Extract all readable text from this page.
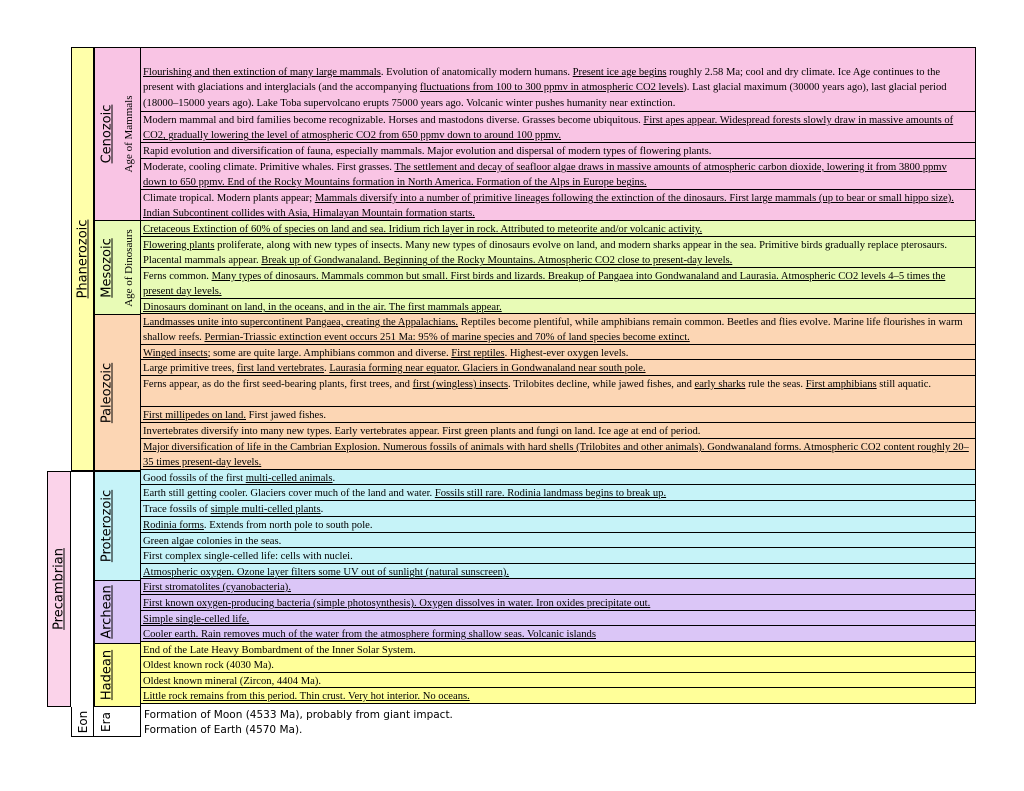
Phanerozoic
Precambrian
Cenozoic Age of Mammals
Mesozoic Age of Dinosaurs
Paleozoic
Proterozoic
Archean
Hadean
Flourishing and then extinction of many large mammals. Evolution of anatomically modern humans. Present ice age begins roughly 2.58 Ma; cool and dry climate. Ice Age continues to the present with glaciations and interglacials (and the accompanying fluctuations from 100 to 300 ppmv in atmospheric CO2 levels). Last glacial maximum (30000 years ago), last glacial period (18000–15000 years ago). Lake Toba supervolcano erupts 75000 years ago. Volcanic winter pushes humanity near extinction.
Modern mammal and bird families become recognizable. Horses and mastodons diverse. Grasses become ubiquitous. First apes appear. Widespread forests slowly draw in massive amounts of CO2, gradually lowering the level of atmospheric CO2 from 650 ppmv down to around 100 ppmv.
Rapid evolution and diversification of fauna, especially mammals. Major evolution and dispersal of modern types of flowering plants.
Moderate, cooling climate. Primitive whales. First grasses. The settlement and decay of seafloor algae draws in massive amounts of atmospheric carbon dioxide, lowering it from 3800 ppmv down to 650 ppmv. End of the Rocky Mountains formation in North America. Formation of the Alps in Europe begins.
Climate tropical. Modern plants appear; Mammals diversify into a number of primitive lineages following the extinction of the dinosaurs. First large mammals (up to bear or small hippo size). Indian Subcontinent collides with Asia, Himalayan Mountain formation starts.
Cretaceous Extinction of 60% of species on land and sea. Iridium rich layer in rock. Attributed to meteorite and/or volcanic activity.
Flowering plants proliferate, along with new types of insects. Many new types of dinosaurs evolve on land, and modern sharks appear in the sea. Primitive birds gradually replace pterosaurs. Placental mammals appear. Break up of Gondwanaland. Beginning of the Rocky Mountains. Atmospheric CO2 close to present-day levels.
Ferns common. Many types of dinosaurs. Mammals common but small. First birds and lizards. Breakup of Pangaea into Gondwanaland and Laurasia. Atmospheric CO2 levels 4–5 times the present day levels.
Dinosaurs dominant on land, in the oceans, and in the air. The first mammals appear.
Landmasses unite into supercontinent Pangaea, creating the Appalachians. Reptiles become plentiful, while amphibians remain common. Beetles and flies evolve. Marine life flourishes in warm shallow reefs. Permian-Triassic extinction event occurs 251 Ma: 95% of marine species and 70% of land species become extinct.
Winged insects; some are quite large. Amphibians common and diverse. First reptiles. Highest-ever oxygen levels.
Large primitive trees, first land vertebrates. Laurasia forming near equator. Glaciers in Gondwanaland near south pole.
Ferns appear, as do the first seed-bearing plants, first trees, and first (wingless) insects. Trilobites decline, while jawed fishes, and early sharks rule the seas. First amphibians still aquatic.
First millipedes on land. First jawed fishes.
Invertebrates diversify into many new types. Early vertebrates appear. First green plants and fungi on land. Ice age at end of period.
Major diversification of life in the Cambrian Explosion. Numerous fossils of animals with hard shells (Trilobites and other animals). Gondwanaland forms. Atmospheric CO2 content roughly 20–35 times present-day levels.
Good fossils of the first multi-celled animals.
Earth still getting cooler. Glaciers cover much of the land and water. Fossils still rare. Rodinia landmass begins to break up.
Trace fossils of simple multi-celled plants.
Rodinia forms. Extends from north pole to south pole.
Green algae colonies in the seas.
First complex single-celled life: cells with nuclei.
Atmospheric oxygen. Ozone layer filters some UV out of sunlight (natural sunscreen).
First stromatolites (cyanobacteria).
First known oxygen-producing bacteria (simple photosynthesis). Oxygen dissolves in water. Iron oxides precipitate out.
Simple single-celled life.
Cooler earth. Rain removes much of the water from the atmosphere forming shallow seas. Volcanic islands
End of the Late Heavy Bombardment of the Inner Solar System.
Oldest known rock (4030 Ma).
Oldest known mineral (Zircon, 4404 Ma).
Little rock remains from this period. Thin crust. Very hot interior. No oceans.
Eon Era	Formation of Moon (4533 Ma), probably from giant impact.
Formation of Earth (4570 Ma).
